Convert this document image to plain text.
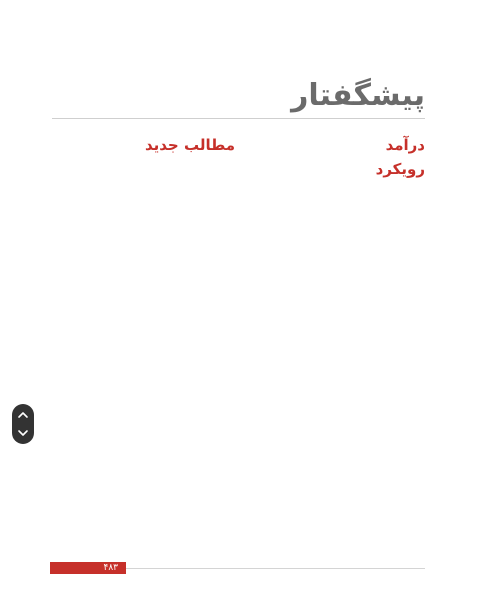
پیشگفتار
درآمد

رویکرد

مطالب جدید

۴۸۳
